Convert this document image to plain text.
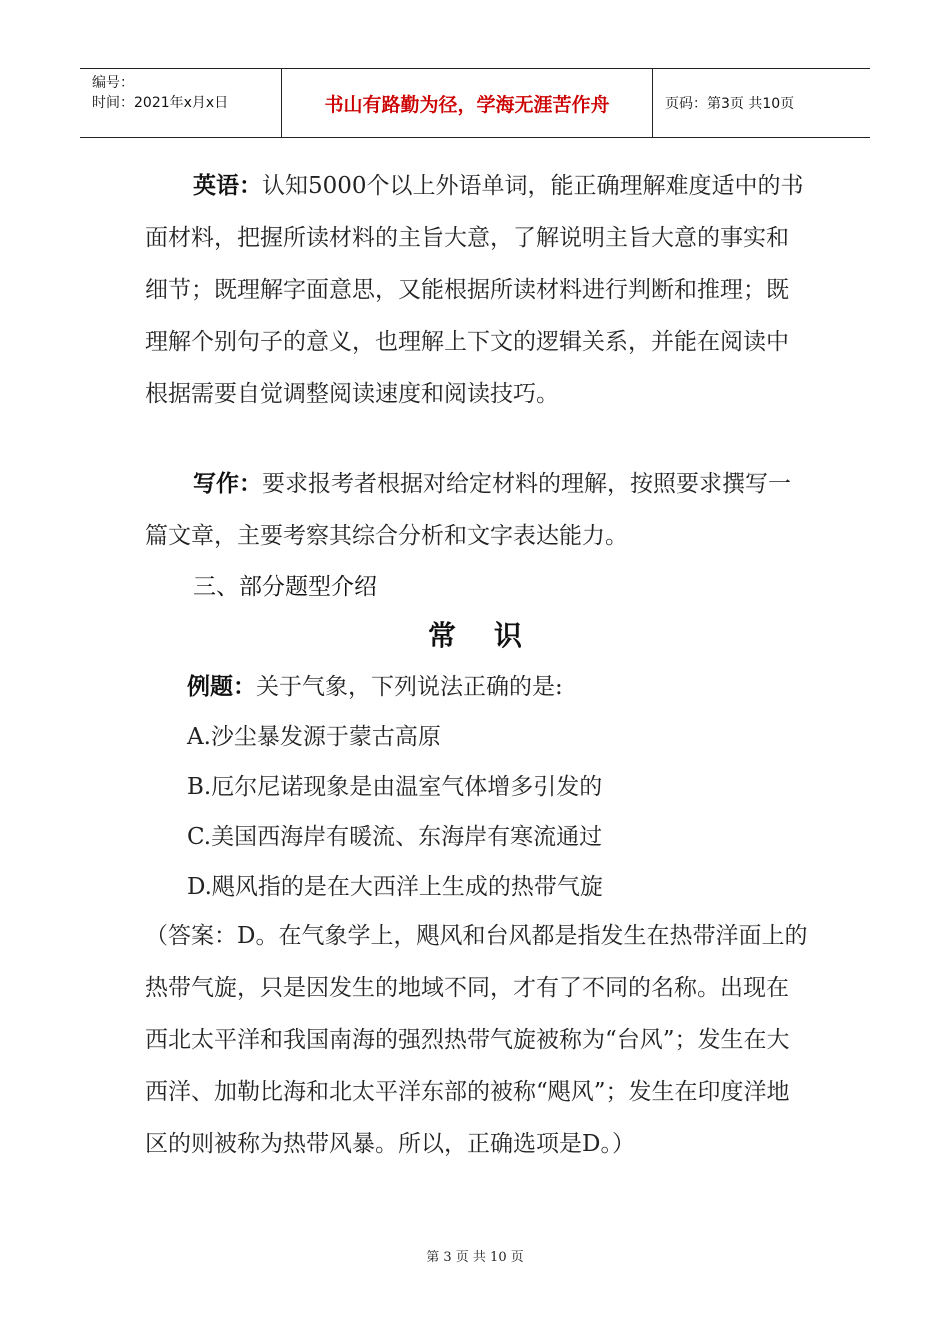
编号：
时间：2021年x月x日	书山有路勤为径，学海无涯苦作舟	页码：第3页 共10页
英语：认知5000个以上外语单词，能正确理解难度适中的书面材料，把握所读材料的主旨大意，了解说明主旨大意的事实和细节；既理解字面意思，又能根据所读材料进行判断和推理；既理解个别句子的意义，也理解上下文的逻辑关系，并能在阅读中根据需要自觉调整阅读速度和阅读技巧。
写作：要求报考者根据对给定材料的理解，按照要求撰写一篇文章，主要考察其综合分析和文字表达能力。
三、部分题型介绍
常识
例题：关于气象，下列说法正确的是:
A.沙尘暴发源于蒙古高原
B.厄尔尼诺现象是由温室气体增多引发的
C.美国西海岸有暖流、东海岸有寒流通过
D.飓风指的是在大西洋上生成的热带气旋
（答案：D。在气象学上，飓风和台风都是指发生在热带洋面上的热带气旋，只是因发生的地域不同，才有了不同的名称。出现在西北太平洋和我国南海的强烈热带气旋被称为“台风”；发生在大西洋、加勒比海和北太平洋东部的被称“飓风”；发生在印度洋地区的则被称为热带风暴。所以，正确选项是D。）
第 3 页 共 10 页
